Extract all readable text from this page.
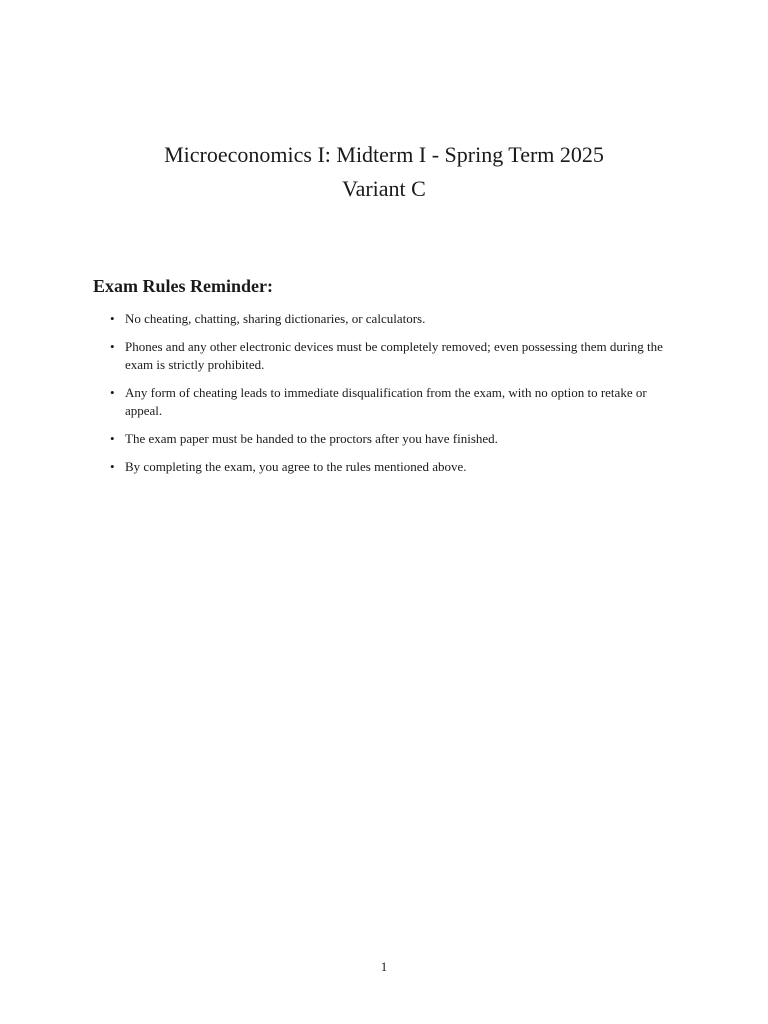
Microeconomics I: Midterm I - Spring Term 2025
Variant C
Exam Rules Reminder:
• No cheating, chatting, sharing dictionaries, or calculators.
• Phones and any other electronic devices must be completely removed; even possessing them during the exam is strictly prohibited.
• Any form of cheating leads to immediate disqualification from the exam, with no option to retake or appeal.
• The exam paper must be handed to the proctors after you have finished.
• By completing the exam, you agree to the rules mentioned above.
1
